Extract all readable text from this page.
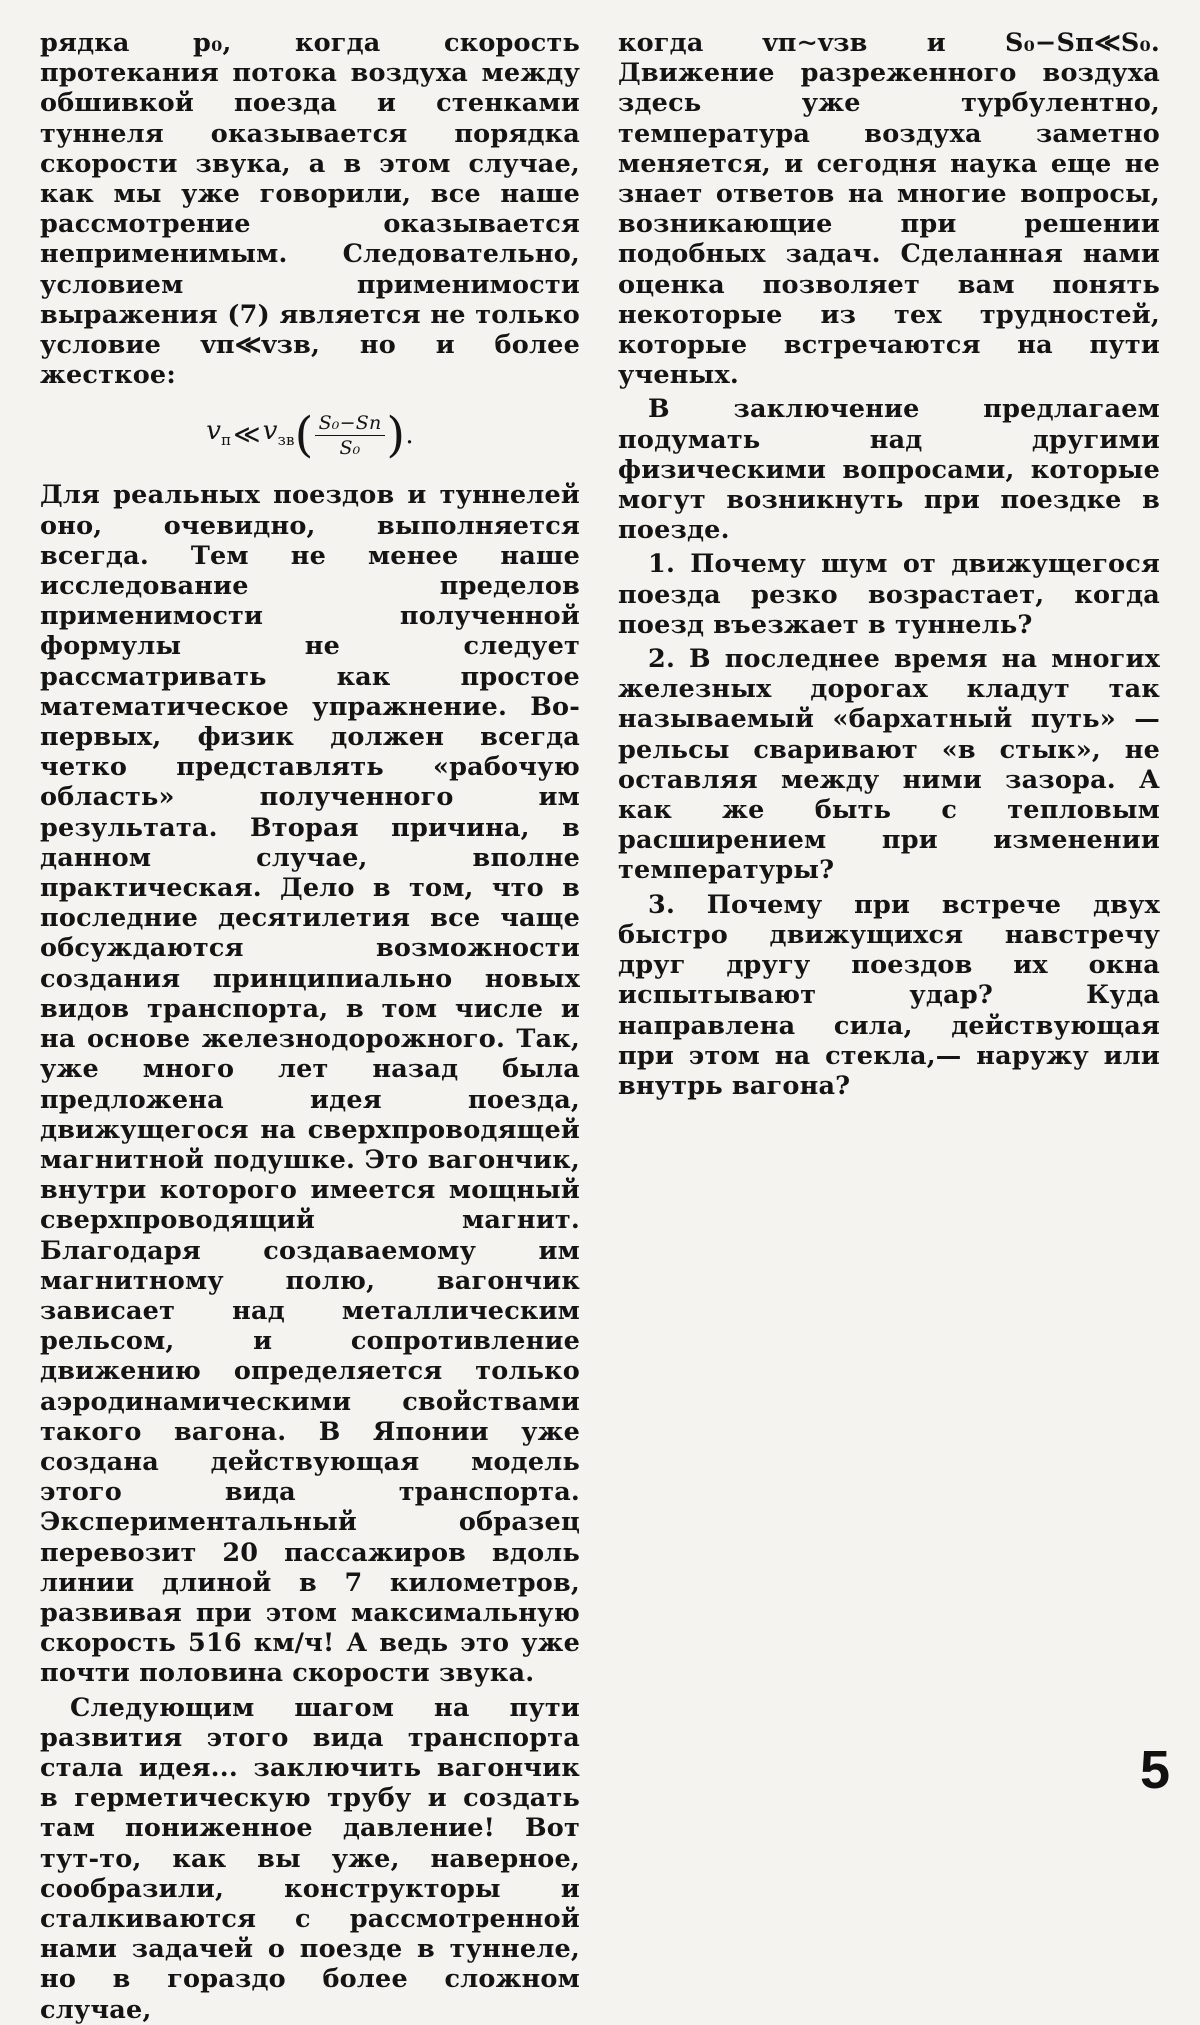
рядка p₀, когда скорость протекания потока воздуха между обшивкой поезда и стенками туннеля оказывается порядка скорости звука, а в этом случае, как мы уже говорили, все наше рассмотрение оказывается неприменимым. Следовательно, условием применимости выражения (7) является не только условие vп≪vзв, но и более жесткое:

$v_п$ ≪ $v_{зв}$ ( $\frac{\text{S₀−Sп}}{\text{S₀}}$ ) .

Для реальных поездов и туннелей оно, очевидно, выполняется всегда. Тем не менее наше исследование пределов применимости полученной формулы не следует рассматривать как простое математическое упражнение. Во-первых, физик должен всегда четко представлять «рабочую область» полученного им результата. Вторая причина, в данном случае, вполне практическая. Дело в том, что в последние десятилетия все чаще обсуждаются возможности создания принципиально новых видов транспорта, в том числе и на основе железнодорожного. Так, уже много лет назад была предложена идея поезда, движущегося на сверхпроводящей магнитной подушке. Это вагончик, внутри которого имеется мощный сверхпроводящий магнит. Благодаря создаваемому им магнитному полю, вагончик зависает над металлическим рельсом, и сопротивление движению определяется только аэродинамическими свойствами такого вагона. В Японии уже создана действующая модель этого вида транспорта. Экспериментальный образец перевозит 20 пассажиров вдоль линии длиной в 7 километров, развивая при этом максимальную скорость 516 км/ч! А ведь это уже почти половина скорости звука.

Следующим шагом на пути развития этого вида транспорта стала идея... заключить вагончик в герметическую трубу и создать там пониженное давление! Вот тут-то, как вы уже, наверное, сообразили, конструкторы и сталкиваются с рассмотренной нами задачей о поезде в туннеле, но в гораздо более сложном случае,

когда vп∼vзв и S₀−Sп≪S₀. Движение разреженного воздуха здесь уже турбулентно, температура воздуха заметно меняется, и сегодня наука еще не знает ответов на многие вопросы, возникающие при решении подобных задач. Сделанная нами оценка позволяет вам понять некоторые из тех трудностей, которые встречаются на пути ученых.

В заключение предлагаем подумать над другими физическими вопросами, которые могут возникнуть при поездке в поезде.

1. Почему шум от движущегося поезда резко возрастает, когда поезд въезжает в туннель?

2. В последнее время на многих железных дорогах кладут так называемый «бархатный путь» — рельсы сваривают «в стык», не оставляя между ними зазора. А как же быть с тепловым расширением при изменении температуры?

3. Почему при встрече двух быстро движущихся навстречу друг другу поездов их окна испытывают удар? Куда направлена сила, действующая при этом на стекла,— наружу или внутрь вагона?

5
